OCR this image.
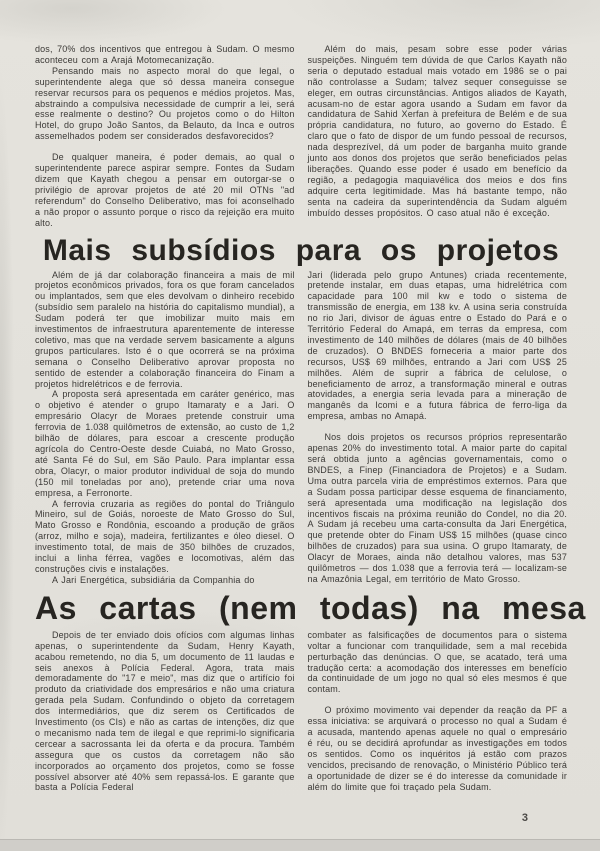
dos, 70% dos incentivos que entregou à Sudam. O mesmo aconteceu com a Arajá Motomecanização.

Pensando mais no aspecto moral do que legal, o superintendente alega que só dessa maneira consegue reservar recursos para os pequenos e médios projetos. Mas, abstraindo a compulsiva necessidade de cumprir a lei, será esse realmente o destino? Ou projetos como o do Hilton Hotel, do grupo João Santos, da Belauto, da Inca e outros assemelhados podem ser considerados desfavorecidos?

De qualquer maneira, é poder demais, ao qual o superintendente parece aspirar sempre. Fontes da Sudam dizem que Kayath chegou a pensar em outorgar-se o privilégio de aprovar projetos de até 20 mil OTNs "ad referendum" do Conselho Deliberativo, mas foi aconselhado a não propor o assunto porque o risco da rejeição era muito alto.

Além do mais, pesam sobre esse poder várias suspeições. Ninguém tem dúvida de que Carlos Kayath não seria o deputado estadual mais votado em 1986 se o pai não controlasse a Sudam; talvez sequer conseguisse se eleger, em outras circunstâncias. Antigos aliados de Kayath, acusam-no de estar agora usando a Sudam em favor da candidatura de Sahid Xerfan à prefeitura de Belém e de sua própria candidatura, no futuro, ao governo do Estado. É claro que o fato de dispor de um fundo pessoal de recursos, nada desprezível, dá um poder de barganha muito grande junto aos donos dos projetos que serão beneficiados pelas liberações. Quando esse poder é usado em benefício da região, a pedagogia maquiavélica dos meios e dos fins adquire certa legitimidade. Mas há bastante tempo, não senta na cadeira da superintendência da Sudam alguém imbuído desses propósitos. O caso atual não é exceção.

Mais subsídios para os projetos

Além de já dar colaboração financeira a mais de mil projetos econômicos privados, fora os que foram cancelados ou implantados, sem que eles devolvam o dinheiro recebido (subsídio sem paralelo na história do capitalismo mundial), a Sudam poderá ter que imobilizar muito mais em investimentos de infraestrutura aparentemente de interesse coletivo, mas que na verdade servem basicamente a alguns grupos particulares. Isto é o que ocorrerá se na próxima semana o Conselho Deliberativo aprovar proposta no sentido de estender a colaboração financeira do Finam a projetos hidrelétricos e de ferrovia.

A proposta será apresentada em caráter genérico, mas o objetivo é atender o grupo Itamaraty e a Jari. O empresário Olacyr de Moraes pretende construir uma ferrovia de 1.038 quilômetros de extensão, ao custo de 1,2 bilhão de dólares, para escoar a crescente produção agrícola do Centro-Oeste desde Cuiabá, no Mato Grosso, até Santa Fé do Sul, em São Paulo. Para implantar essa obra, Olacyr, o maior produtor individual de soja do mundo (150 mil toneladas por ano), pretende criar uma nova empresa, a Ferronorte.

A ferrovia cruzaria as regiões do pontal do Triângulo Mineiro, sul de Goiás, noroeste de Mato Grosso do Sul, Mato Grosso e Rondônia, escoando a produção de grãos (arroz, milho e soja), madeira, fertilizantes e óleo diesel. O investimento total, de mais de 350 bilhões de cruzados, inclui a linha férrea, vagões e locomotivas, além das construções civis e instalações.

A Jari Energética, subsidiária da Companhia do

Jari (liderada pelo grupo Antunes) criada recentemente, pretende instalar, em duas etapas, uma hidrelétrica com capacidade para 100 mil kw e todo o sistema de transmissão de energia, em 138 kv. A usina seria construída no rio Jari, divisor de águas entre o Estado do Pará e o Território Federal do Amapá, em terras da empresa, com investimento de 140 milhões de dólares (mais de 40 bilhões de cruzados). O BNDES forneceria a maior parte dos recursos, US$ 69 milhões, entrando a Jari com US$ 25 milhões. Além de suprir a fábrica de celulose, o beneficiamento de arroz, a transformação mineral e outras atovidades, a energia seria levada para a mineração de manganês da Icomi e a futura fábrica de ferro-liga da empresa, ambas no Amapá.

Nos dois projetos os recursos próprios representarão apenas 20% do investimento total. A maior parte do capital será obtida junto a agências governamentais, como o BNDES, a Finep (Financiadora de Projetos) e a Sudam. Uma outra parcela viria de empréstimos externos. Para que a Sudam possa participar desse esquema de financiamento, será apresentada uma modificação na legislação dos incentivos fiscais na próxima reunião do Condel, no dia 20. A Sudam já recebeu uma carta-consulta da Jari Energética, que pretende obter do Finam US$ 15 milhões (quase cinco bilhões de cruzados) para sua usina. O grupo Itamaraty, de Olacyr de Moraes, ainda não detalhou valores, mas 537 quilômetros — dos 1.038 que a ferrovia terá — localizam-se na Amazônia Legal, em território de Mato Grosso.

As cartas (nem todas) na mesa

Depois de ter enviado dois ofícios com algumas linhas apenas, o superintendente da Sudam, Henry Kayath, acabou remetendo, no dia 5, um documento de 11 laudas e seis anexos à Polícia Federal. Agora, trata mais demoradamente do "17 e meio", mas diz que o artifício foi produto da criatividade dos empresários e não uma criatura gerada pela Sudam. Confundindo o objeto da corretagem dos intermediários, que diz serem os Certificados de Investimento (os CIs) e não as cartas de intenções, diz que o mecanismo nada tem de ilegal e que reprimi-lo significaria cercear a sacrossanta lei da oferta e da procura. Também assegura que os custos da corretagem não são incorporados ao orçamento dos projetos, como se fosse possível absorver até 40% sem repassá-los. E garante que basta a Polícia Federal

combater as falsificações de documentos para o sistema voltar a funcionar com tranquilidade, sem a mal recebida perturbação das denúncias. O que, se acatado, terá uma tradução certa: a acomodação dos interesses em benefício da continuidade de um jogo no qual só eles mesmos é que contam.

O próximo movimento vai depender da reação da PF a essa iniciativa: se arquivará o processo no qual a Sudam é a acusada, mantendo apenas aquele no qual o empresário é réu, ou se decidirá aprofundar as investigações em todos os sentidos. Como os inquéritos já estão com prazos vencidos, precisando de renovação, o Ministério Público terá a oportunidade de dizer se é do interesse da comunidade ir além do limite que foi traçado pela Sudam.

3
